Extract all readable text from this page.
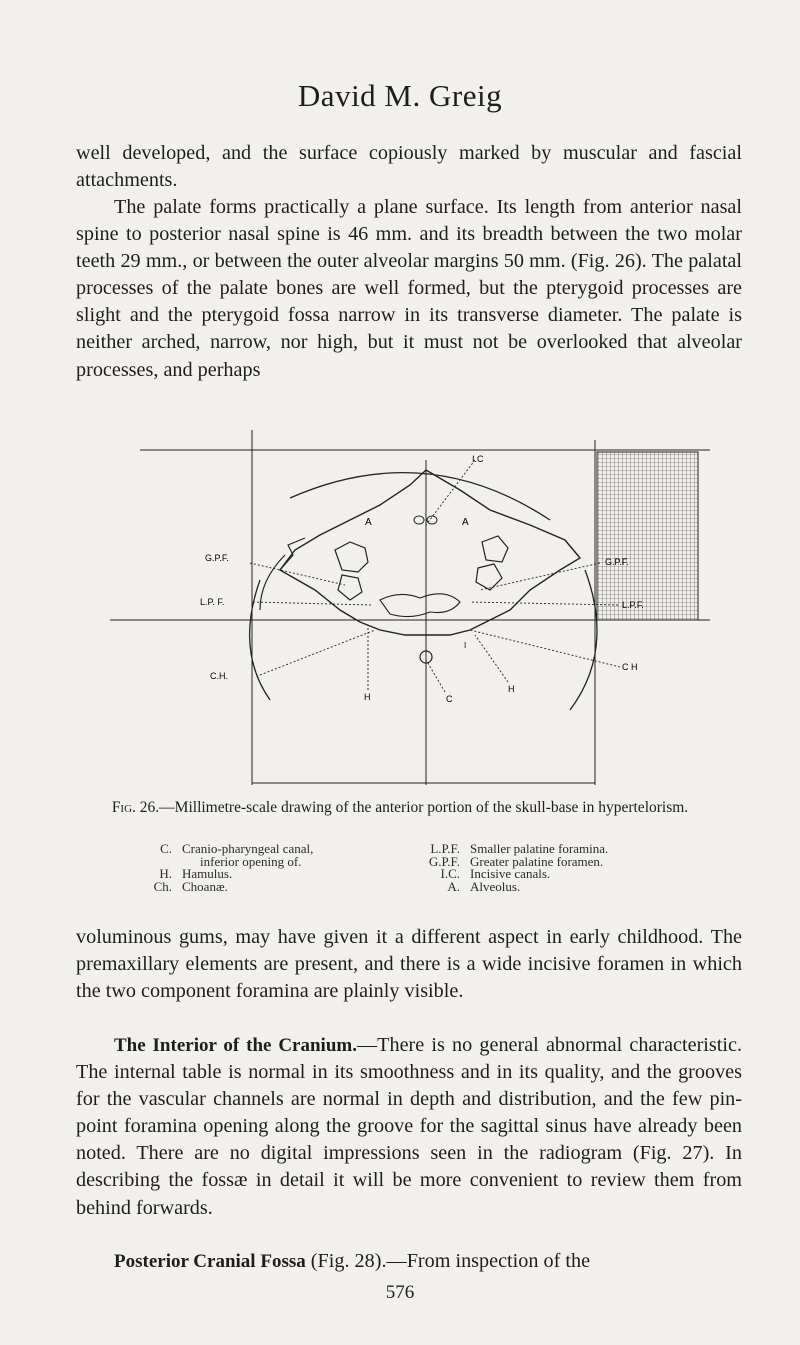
David M. Greig

well developed, and the surface copiously marked by muscular and fascial attachments.

The palate forms practically a plane surface. Its length from anterior nasal spine to posterior nasal spine is 46 mm. and its breadth between the two molar teeth 29 mm., or between the outer alveolar margins 50 mm. (Fig. 26). The palatal processes of the palate bones are well formed, but the pterygoid processes are slight and the pterygoid fossa narrow in its transverse diameter. The palate is neither arched, narrow, nor high, but it must not be overlooked that alveolar processes, and perhaps

I.C
A	A
G.P.F.	G.P.F.
L.P. F.	L.P.F.
C.H.
C H
H	C
H
I

Fig. 26.—Millimetre-scale drawing of the anterior portion of the skull-base in hypertelorism.

C. Cranio-pharyngeal canal,
inferior opening of.
H. Hamulus.
Ch. Choanæ.
L.P.F. Smaller palatine foramina.
G.P.F. Greater palatine foramen.
I.C. Incisive canals.
A. Alveolus.

voluminous gums, may have given it a different aspect in early childhood. The premaxillary elements are present, and there is a wide incisive foramen in which the two component foramina are plainly visible.

The Interior of the Cranium.—There is no general abnormal characteristic. The internal table is normal in its smoothness and in its quality, and the grooves for the vascular channels are normal in depth and distribution, and the few pin-point foramina opening along the groove for the sagittal sinus have already been noted. There are no digital impressions seen in the radiogram (Fig. 27). In describing the fossæ in detail it will be more convenient to review them from behind forwards.

Posterior Cranial Fossa (Fig. 28).—From inspection of the

576
